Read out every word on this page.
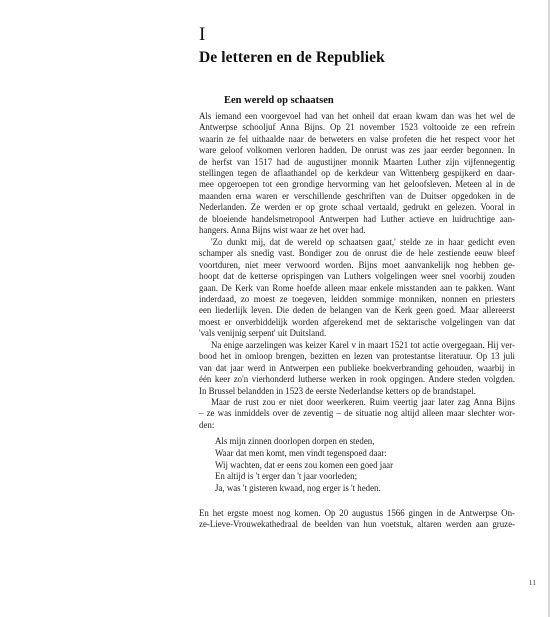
I
De letteren en de Republiek
Een wereld op schaatsen
Als iemand een voorgevoel had van het onheil dat eraan kwam dan was het wel de
Antwerpse schooljuf Anna Bijns. Op 21 november 1523 voltooide ze een refrein
waarin ze fel uithaalde naar de betweters en valse profeten die het respect voor het
ware geloof volkomen verloren hadden. De onrust was zes jaar eerder begonnen. In
de herfst van 1517 had de augustijner monnik Maarten Luther zijn vijfennegentig
stellingen tegen de aflaathandel op de kerkdeur van Wittenberg gespijkerd en daar-
mee opgeroepen tot een grondige hervorming van het geloofsleven. Meteen al in de
maanden erna waren er verschillende geschriften van de Duitser opgedoken in de
Nederlanden. Ze werden er op grote schaal vertaald, gedrukt en gelezen. Vooral in
de bloeiende handelsmetropool Antwerpen had Luther actieve en luidruchtige aan-
hangers. Anna Bijns wist waar ze het over had.
'Zo dunkt mij, dat de wereld op schaatsen gaat,' stelde ze in haar gedicht even
schamper als snedig vast. Bondiger zou de onrust die de hele zestiende eeuw bleef
voortduren, niet meer verwoord worden. Bijns moet aanvankelijk nog hebben ge-
hoopt dat de ketterse oprispingen van Luthers volgelingen weer snel voorbij zouden
gaan. De Kerk van Rome hoefde alleen maar enkele misstanden aan te pakken. Want
inderdaad, zo moest ze toegeven, leidden sommige monniken, nonnen en priesters
een liederlijk leven. Die deden de belangen van de Kerk geen goed. Maar allereerst
moest er onverbiddelijk worden afgerekend met de sektarische volgelingen van dat
'vals venijnig serpent' uit Duitsland.
Na enige aarzelingen was keizer Karel v in maart 1521 tot actie overgegaan. Hij ver-
bood het in omloop brengen, bezitten en lezen van protestantse literatuur. Op 13 juli
van dat jaar werd in Antwerpen een publieke boekverbranding gehouden, waarbij in
één keer zo'n vierhonderd lutherse werken in rook opgingen. Andere steden volgden.
In Brussel belandden in 1523 de eerste Nederlandse ketters op de brandstapel.
Maar de rust zou er niet door weerkeren. Ruim veertig jaar later zag Anna Bijns
– ze was inmiddels over de zeventig – de situatie nog altijd alleen maar slechter wor-
den:
Als mijn zinnen doorlopen dorpen en steden,
Waar dat men komt, men vindt tegenspoed daar:
Wij wachten, dat er eens zou komen een goed jaar
En altijd is 't erger dan 't jaar voorleden;
Ja, was 't gisteren kwaad, nog erger is 't heden.
En het ergste moest nog komen. Op 20 augustus 1566 gingen in de Antwerpse On-
ze-Lieve-Vrouwekathedraal de beelden van hun voetstuk, altaren werden aan gruze-
11
